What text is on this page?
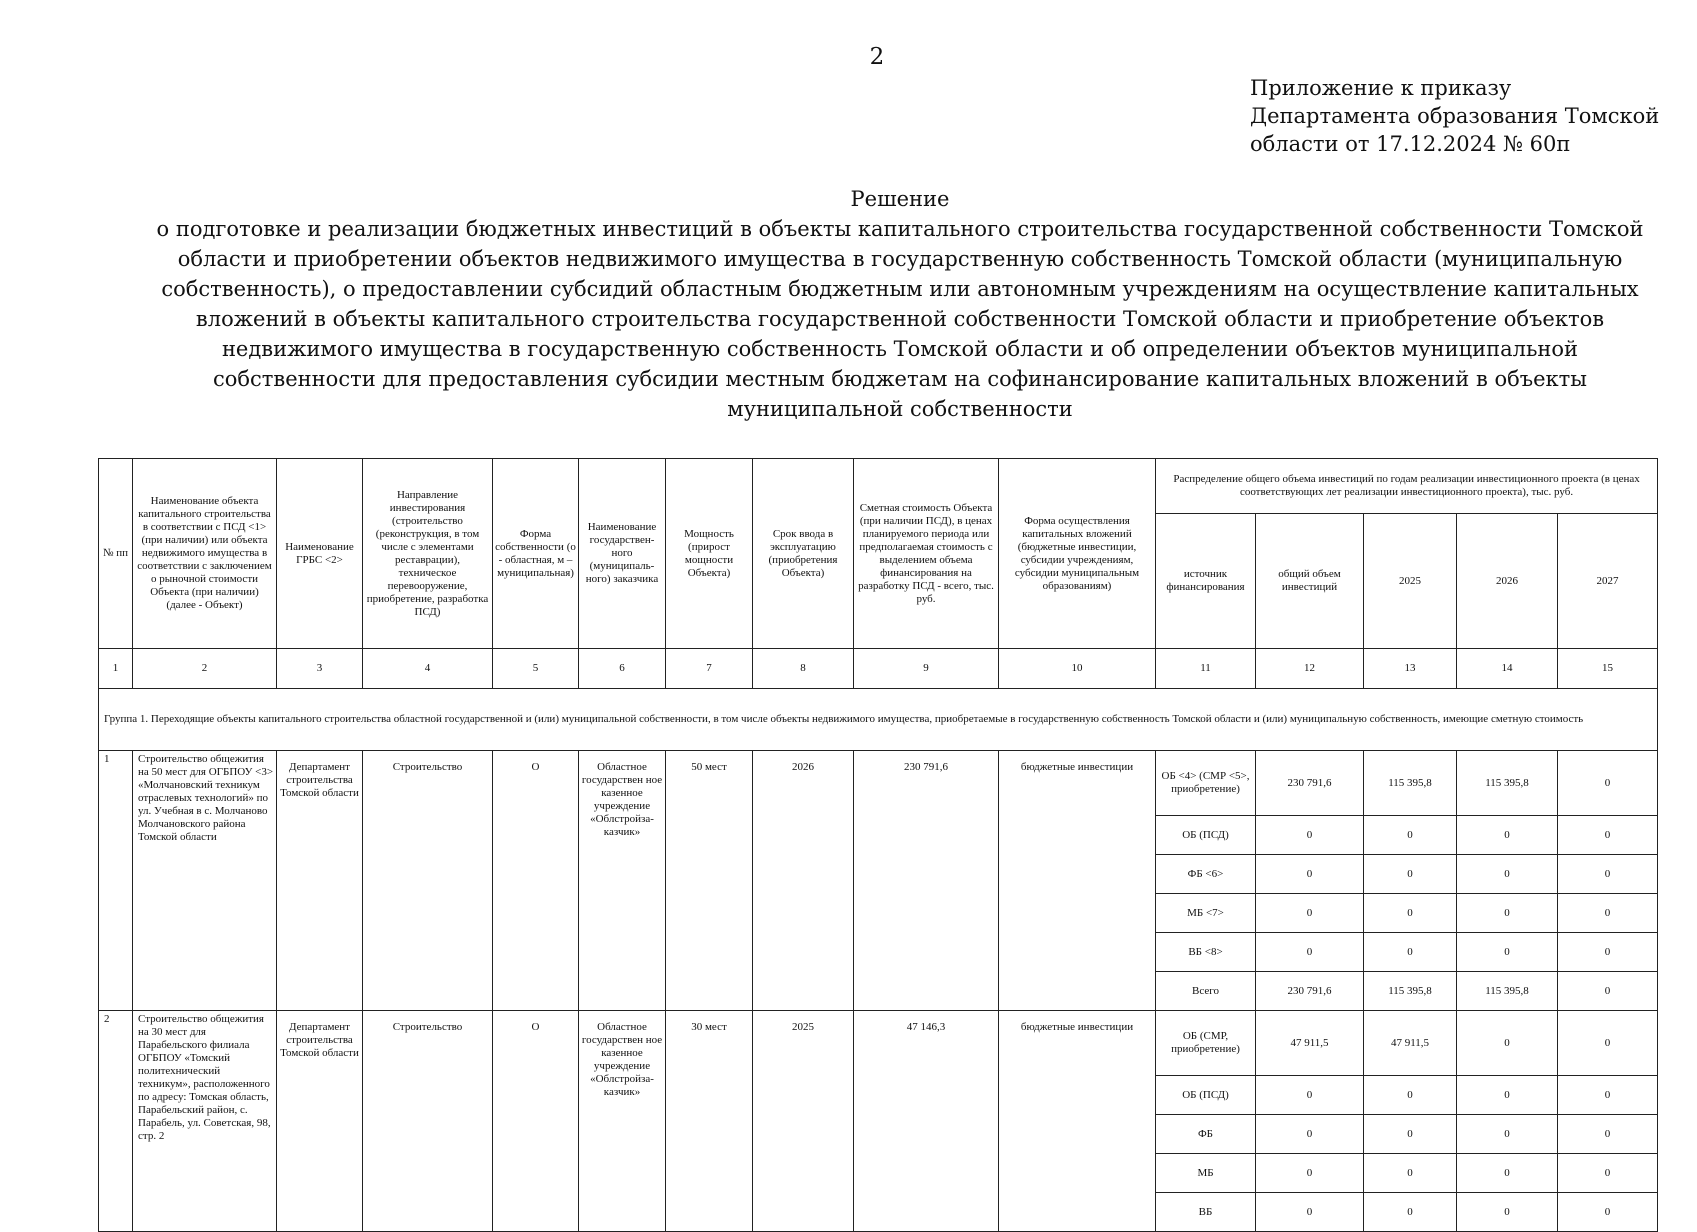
2
Приложение к приказу
Департамента образования Томской
области от 17.12.2024 № 60п
Решение
о подготовке и реализации бюджетных инвестиций в объекты капитального строительства государственной собственности Томской области и приобретении объектов недвижимого имущества в государственную собственность Томской области (муниципальную собственность), о предоставлении субсидий областным бюджетным или автономным учреждениям на осуществление капитальных вложений в объекты капитального строительства государственной собственности Томской области и приобретение объектов недвижимого имущества в государственную собственность Томской области и об определении объектов муниципальной собственности для предоставления субсидии местным бюджетам на софинансирование капитальных вложений в объекты муниципальной собственности
№ пп	Наименование объекта капитального строительства в соответствии с ПСД <1> (при наличии) или объекта недвижимого имущества в соответствии с заключением о рыночной стоимости Объекта (при наличии) (далее - Объект)	Наименование ГРБС <2>	Направление инвестирования (строительство (реконструкция, в том числе с элементами реставрации), техническое перевооружение, приобретение, разработка ПСД)	Форма собственности (о - областная, м – муниципальная)	Наименование государствен-ного (муниципаль-ного) заказчика	Мощность (прирост мощности Объекта)	Срок ввода в эксплуатацию (приобретения Объекта)	Сметная стоимость Объекта (при наличии ПСД), в ценах планируемого периода или предполагаемая стоимость с выделением объема финансирования на разработку ПСД - всего, тыс. руб.	Форма осуществления капитальных вложений (бюджетные инвестиции, субсидии учреждениям, субсидии муниципальным образованиям)	Распределение общего объема инвестиций по годам реализации инвестиционного проекта (в ценах соответствующих лет реализации инвестиционного проекта), тыс. руб.				
										источник финансирования	общий объем инвестиций	2025	2026	2027
1	2	3	4	5	6	7	8	9	10	11	12	13	14	15
Группа 1. Переходящие объекты капитального строительства областной государственной и (или) муниципальной собственности, в том числе объекты недвижимого имущества, приобретаемые в государственную собственность Томской области и (или) муниципальную собственность, имеющие сметную стоимость														
1	Строительство общежития на 50 мест для ОГБПОУ <3> «Молчановский техникум отраслевых технологий» по ул. Учебная в с. Молчаново Молчановского района Томской области	Департамент строительства Томской области	Строительство	О	Областное государствен ное казенное учреждение «Облстройза-казчик»	50 мест	2026	230 791,6	бюджетные инвестиции	ОБ <4> (СМР <5>, приобретение)	230 791,6	115 395,8	115 395,8	0
										ОБ (ПСД)	0	0	0	0
										ФБ <6>	0	0	0	0
										МБ <7>	0	0	0	0
										ВБ <8>	0	0	0	0
										Всего	230 791,6	115 395,8	115 395,8	0
2	Строительство общежития на 30 мест для Парабельского филиала ОГБПОУ «Томский политехнический техникум», расположенного по адресу: Томская область, Парабельский район, с. Парабель, ул. Советская, 98, стр. 2	Департамент строительства Томской области	Строительство	О	Областное государствен ное казенное учреждение «Облстройза-казчик»	30 мест	2025	47 146,3	бюджетные инвестиции	ОБ (СМР, приобретение)	47 911,5	47 911,5	0	0
										ОБ (ПСД)	0	0	0	0
										ФБ	0	0	0	0
										МБ	0	0	0	0
										ВБ	0	0	0	0
